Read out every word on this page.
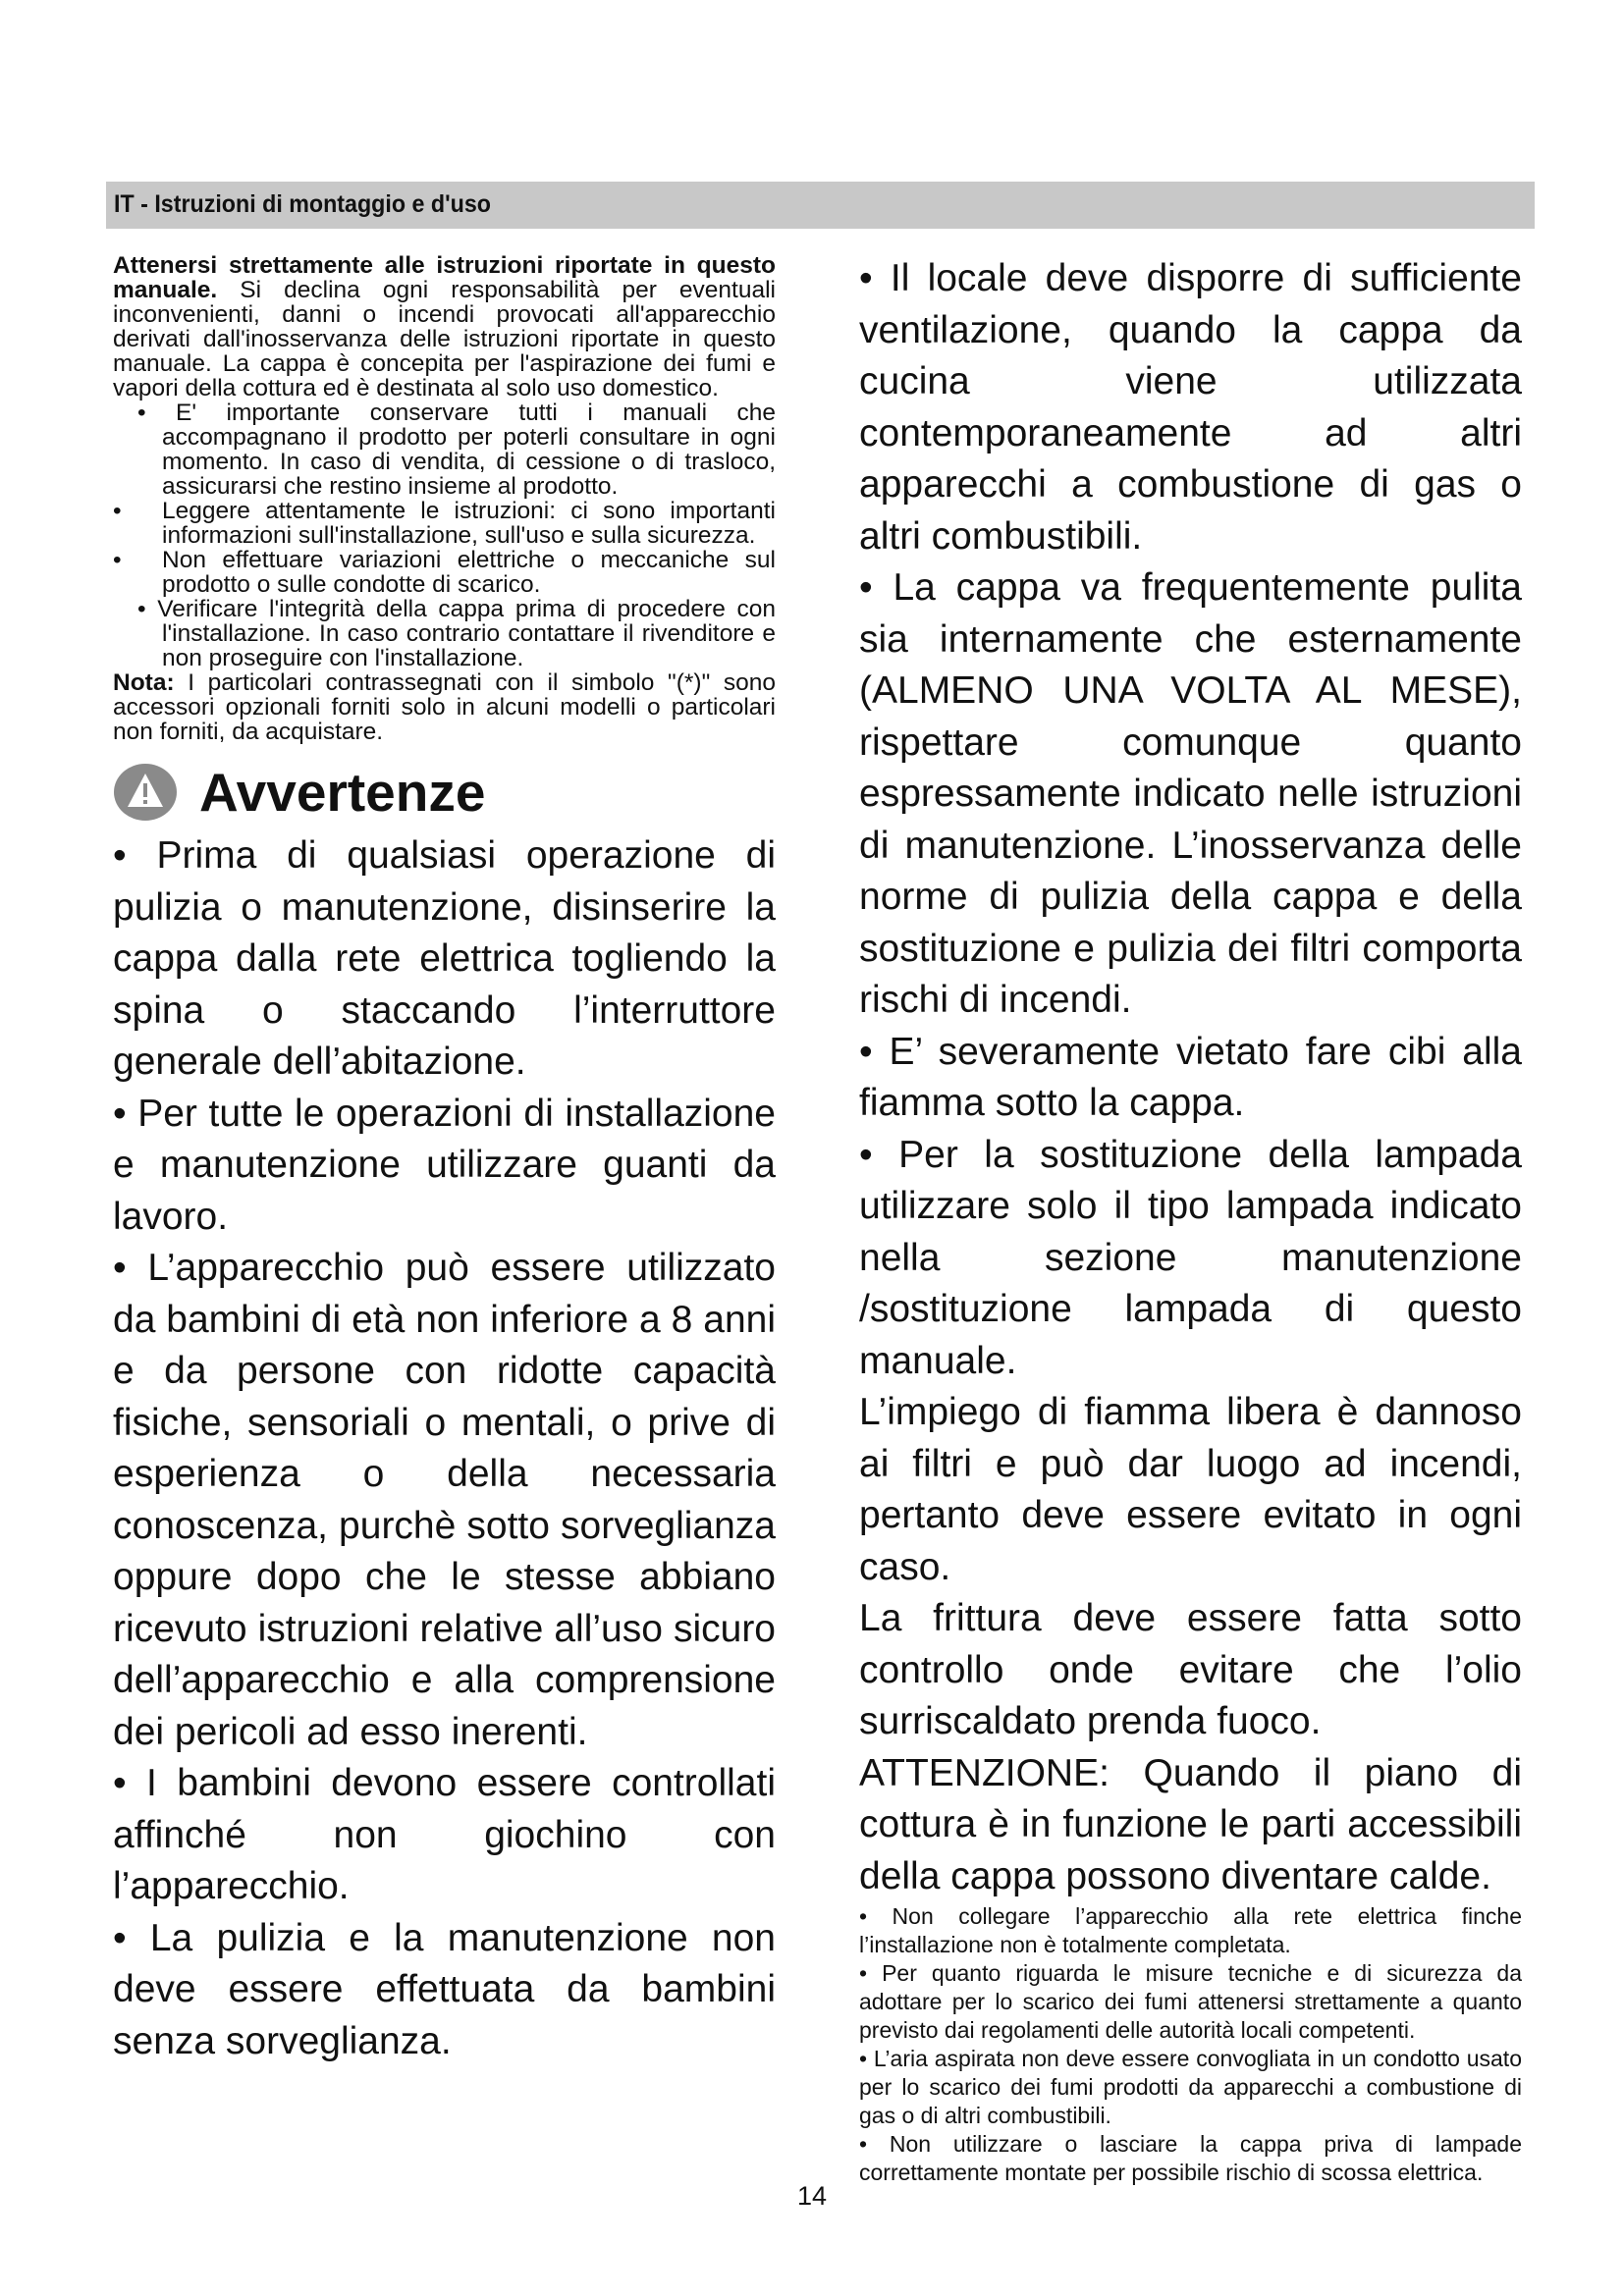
IT - Istruzioni di montaggio e d'uso

Attenersi strettamente alle istruzioni riportate in questo manuale. Si declina ogni responsabilità per eventuali inconvenienti, danni o incendi provocati all'apparecchio derivati dall'inosservanza delle istruzioni riportate in questo manuale. La cappa è concepita per l'aspirazione dei fumi e vapori della cottura ed è destinata al solo uso domestico.

• E' importante conservare tutti i manuali che accompagnano il prodotto per poterli consultare in ogni momento. In caso di vendita, di cessione o di trasloco, assicurarsi che restino insieme al prodotto.

• Leggere attentamente le istruzioni: ci sono importanti informazioni sull'installazione, sull'uso e sulla sicurezza.

• Non effettuare variazioni elettriche o meccaniche sul prodotto o sulle condotte di scarico.

• Verificare l'integrità della cappa prima di procedere con l'installazione. In caso contrario contattare il rivenditore e non proseguire con l'installazione.

Nota: I particolari contrassegnati con il simbolo "(*)" sono accessori opzionali forniti solo in alcuni modelli o particolari non forniti, da acquistare.

Avvertenze

• Prima di qualsiasi operazione di pulizia o manutenzione, disinserire la cappa dalla rete elettrica togliendo la spina o staccando l’interruttore generale dell’abitazione.

• Per tutte le operazioni di installazione e manutenzione utilizzare guanti da lavoro.

• L’apparecchio può essere utilizzato da bambini di età non inferiore a 8 anni e da persone con ridotte capacità fisiche, sensoriali o mentali, o prive di esperienza o della necessaria conoscenza, purchè sotto sorveglianza oppure dopo che le stesse abbiano ricevuto istruzioni relative all’uso sicuro dell’apparecchio e alla comprensione dei pericoli ad esso inerenti.

• I bambini devono essere controllati affinché non giochino con l’apparecchio.

• La pulizia e la manutenzione non deve essere effettuata da bambini senza sorveglianza.

• Il locale deve disporre di sufficiente ventilazione, quando la cappa da cucina viene utilizzata contemporaneamente ad altri apparecchi a combustione di gas o altri combustibili.

• La cappa va frequentemente pulita sia internamente che esternamente (ALMENO UNA VOLTA AL MESE), rispettare comunque quanto espressamente indicato nelle istruzioni di manutenzione. L’inosservanza delle norme di pulizia della cappa e della sostituzione e pulizia dei filtri comporta rischi di incendi.

• E’ severamente vietato fare cibi alla fiamma sotto la cappa.

• Per la sostituzione della lampada utilizzare solo il tipo lampada indicato nella sezione manutenzione /sostituzione lampada di questo manuale.

L’impiego di fiamma libera è dannoso ai filtri e può dar luogo ad incendi, pertanto deve essere evitato in ogni caso.

La frittura deve essere fatta sotto controllo onde evitare che l’olio surriscaldato prenda fuoco.

ATTENZIONE: Quando il piano di cottura è in funzione le parti accessibili della cappa possono diventare calde.

• Non collegare l’apparecchio alla rete elettrica finche l’installazione non è totalmente completata.

• Per quanto riguarda le misure tecniche e di sicurezza da adottare per lo scarico dei fumi attenersi strettamente a quanto previsto dai regolamenti delle autorità locali competenti.

• L’aria aspirata non deve essere convogliata in un condotto usato per lo scarico dei fumi prodotti da apparecchi a combustione di gas o di altri combustibili.

• Non utilizzare o lasciare la cappa priva di lampade correttamente montate per possibile rischio di scossa elettrica.

14
